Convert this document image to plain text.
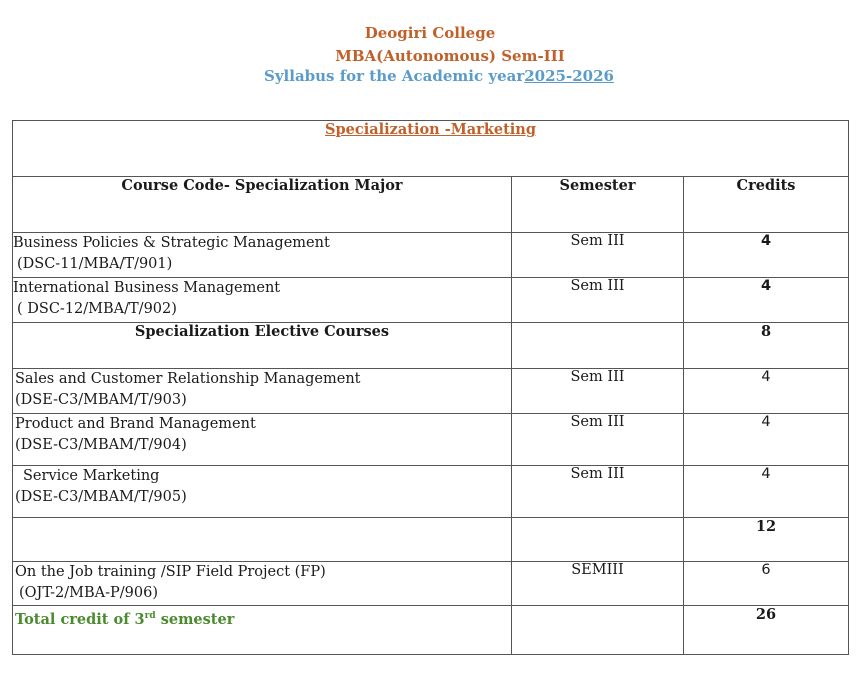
Deogiri College
MBA(Autonomous) Sem-III
Syllabus for the Academic year2025-2026
Specialization -Marketing		
Course Code- Specialization Major	Semester	Credits

Business Policies & Strategic Management
(DSC-11/MBA/T/901)	Sem III	4

International Business Management
( DSC-12/MBA/T/902)	Sem III	4
Specialization Elective Courses		8

Sales and Customer Relationship Management
(DSE-C3/MBAM/T/903)	Sem III	4

Product and Brand Management
(DSE-C3/MBAM/T/904)	Sem III	4

Service Marketing
(DSE-C3/MBAM/T/905)	Sem III	4
		12

On the Job training /SIP Field Project (FP)
(OJT-2/MBA-P/906)	SEMIII	6
Total credit of 3rd semester		26
